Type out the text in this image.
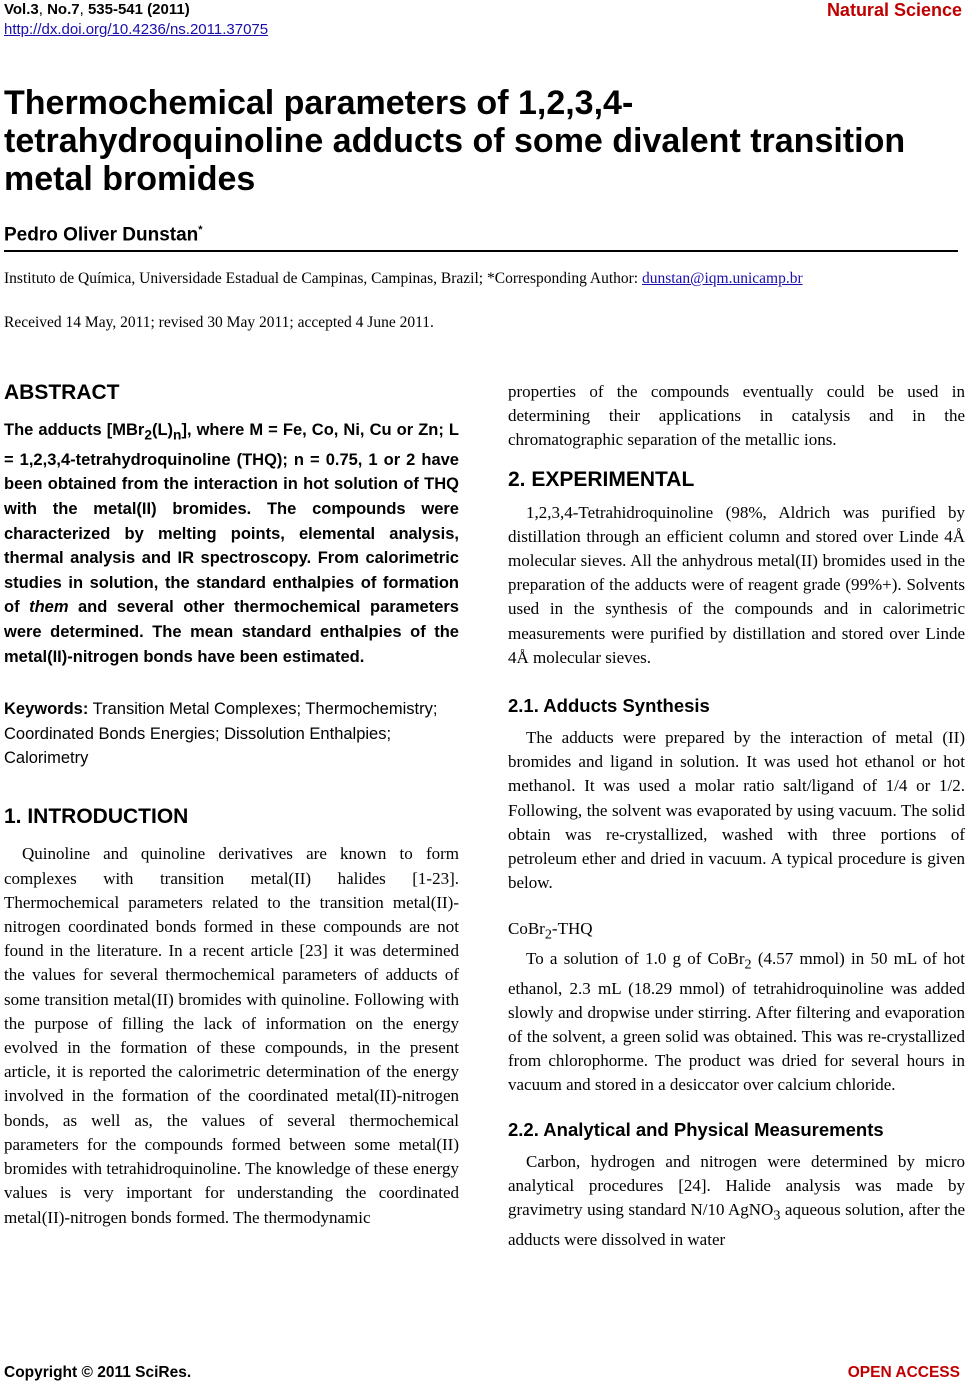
Vol.3, No.7, 535-541 (2011)
http://dx.doi.org/10.4236/ns.2011.37075
Natural Science
Thermochemical parameters of 1,2,3,4-tetrahydroquinoline adducts of some divalent transition metal bromides
Pedro Oliver Dunstan*
Instituto de Química, Universidade Estadual de Campinas, Campinas, Brazil; *Corresponding Author: dunstan@iqm.unicamp.br
Received 14 May, 2011; revised 30 May 2011; accepted 4 June 2011.
ABSTRACT

The adducts $[MBr_2(L)_n]$, where M = Fe, Co, Ni, Cu or Zn; L = 1,2,3,4-tetrahydroquinoline (THQ); n = 0.75, 1 or 2 have been obtained from the interaction in hot solution of THQ with the metal(II) bromides. The compounds were characterized by melting points, elemental analysis, thermal analysis and IR spectroscopy. From calorimetric studies in solution, the standard enthalpies of formation of them and several other thermochemical parameters were determined. The mean standard enthalpies of the metal(II)-nitrogen bonds have been estimated.

Keywords: Transition Metal Complexes; Thermochemistry; Coordinated Bonds Energies; Dissolution Enthalpies; Calorimetry

1. INTRODUCTION

Quinoline and quinoline derivatives are known to form complexes with transition metal(II) halides [1-23]. Thermochemical parameters related to the transition metal(II)-nitrogen coordinated bonds formed in these compounds are not found in the literature. In a recent article [23] it was determined the values for several thermochemical parameters of adducts of some transition metal(II) bromides with quinoline. Following with the purpose of filling the lack of information on the energy evolved in the formation of these compounds, in the present article, it is reported the calorimetric determination of the energy involved in the formation of the coordinated metal(II)-nitrogen bonds, as well as, the values of several thermochemical parameters for the compounds formed between some metal(II) bromides with tetrahidroquinoline. The knowledge of these energy values is very important for understanding the coordinated metal(II)-nitrogen bonds formed. The thermodynamic

properties of the compounds eventually could be used in determining their applications in catalysis and in the chromatographic separation of the metallic ions.

2. EXPERIMENTAL

1,2,3,4-Tetrahidroquinoline (98%, Aldrich was purified by distillation through an efficient column and stored over Linde 4Å molecular sieves. All the anhydrous metal(II) bromides used in the preparation of the adducts were of reagent grade (99%+). Solvents used in the synthesis of the compounds and in calorimetric measurements were purified by distillation and stored over Linde 4Å molecular sieves.

2.1. Adducts Synthesis

The adducts were prepared by the interaction of metal (II) bromides and ligand in solution. It was used hot ethanol or hot methanol. It was used a molar ratio salt/ligand of 1/4 or 1/2. Following, the solvent was evaporated by using vacuum. The solid obtain was re-crystallized, washed with three portions of petroleum ether and dried in vacuum. A typical procedure is given below.

CoBr$_2$-THQ

To a solution of 1.0 g of CoBr$_2$ (4.57 mmol) in 50 mL of hot ethanol, 2.3 mL (18.29 mmol) of tetrahidroquinoline was added slowly and dropwise under stirring. After filtering and evaporation of the solvent, a green solid was obtained. This was re-crystallized from chlorophorme. The product was dried for several hours in vacuum and stored in a desiccator over calcium chloride.

2.2. Analytical and Physical Measurements

Carbon, hydrogen and nitrogen were determined by micro analytical procedures [24]. Halide analysis was made by gravimetry using standard N/10 AgNO$_3$ aqueous solution, after the adducts were dissolved in water

Copyright © 2011 SciRes.	OPEN ACCESS
